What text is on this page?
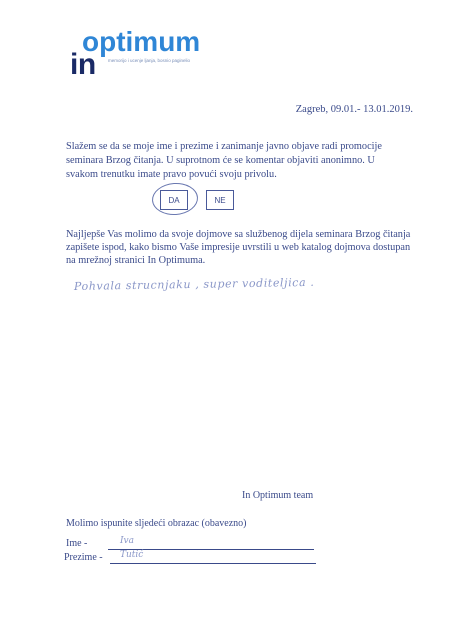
optimum
in	memorijo i ucenje ljanja, bosnio paginelio
Zagreb, 09.01.- 13.01.2019.
Slažem se da se moje ime i prezime i zanimanje javno objave radi promocije seminara Brzog čitanja. U suprotnom će se komentar objaviti anonimno. U svakom trenutku imate pravo povući svoju privolu.
DA	NE
Najljepše Vas molimo da svoje dojmove sa službenog dijela seminara Brzog čitanja zapišete ispod, kako bismo Vaše impresije uvrstili u web katalog dojmova dostupan na mrežnoj stranici In Optimuma.
Pohvala strucnjaku , super voditeljica .
In Optimum team
Molimo ispunite sljedeći obrazac (obavezno)
Ime -	Iva
Prezime - Tutić
